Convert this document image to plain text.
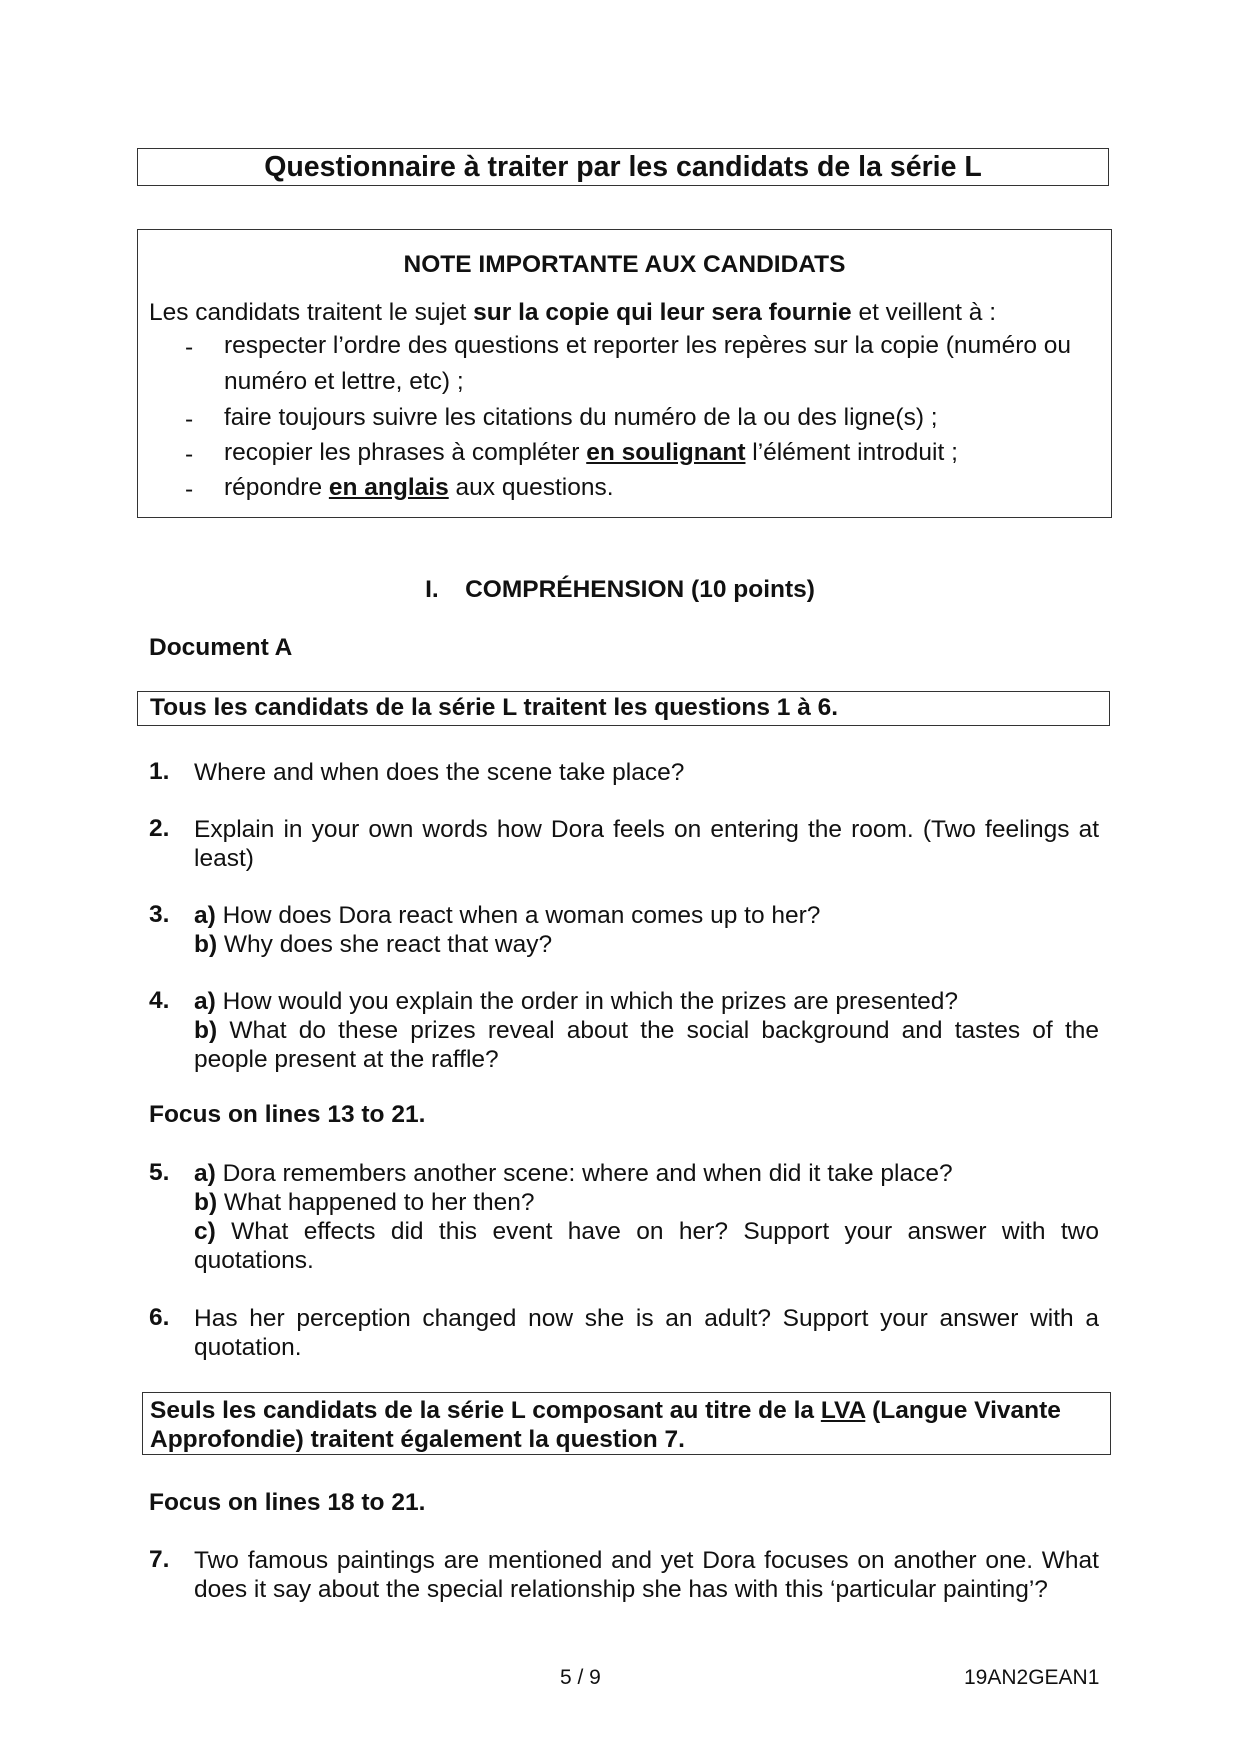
Questionnaire à traiter par les candidats de la série L
NOTE IMPORTANTE AUX CANDIDATS
Les candidats traitent le sujet sur la copie qui leur sera fournie et veillent à :
- respecter l’ordre des questions et reporter les repères sur la copie (numéro ou numéro et lettre, etc) ;
- faire toujours suivre les citations du numéro de la ou des ligne(s) ;
- recopier les phrases à compléter en soulignant l’élément introduit ;
- répondre en anglais aux questions.
I. COMPRÉHENSION (10 points)
Document A
Tous les candidats de la série L traitent les questions 1 à 6.
1. Where and when does the scene take place?
2. Explain in your own words how Dora feels on entering the room. (Two feelings at least)
3. a) How does Dora react when a woman comes up to her?
b) Why does she react that way?
4. a) How would you explain the order in which the prizes are presented?
b) What do these prizes reveal about the social background and tastes of the people present at the raffle?
Focus on lines 13 to 21.
5. a) Dora remembers another scene: where and when did it take place?
b) What happened to her then?
c) What effects did this event have on her? Support your answer with two quotations.
6. Has her perception changed now she is an adult? Support your answer with a quotation.
Seuls les candidats de la série L composant au titre de la LVA (Langue Vivante Approfondie) traitent également la question 7.
Focus on lines 18 to 21.
7. Two famous paintings are mentioned and yet Dora focuses on another one. What does it say about the special relationship she has with this ‘particular painting’?
5 / 9	19AN2GEAN1
